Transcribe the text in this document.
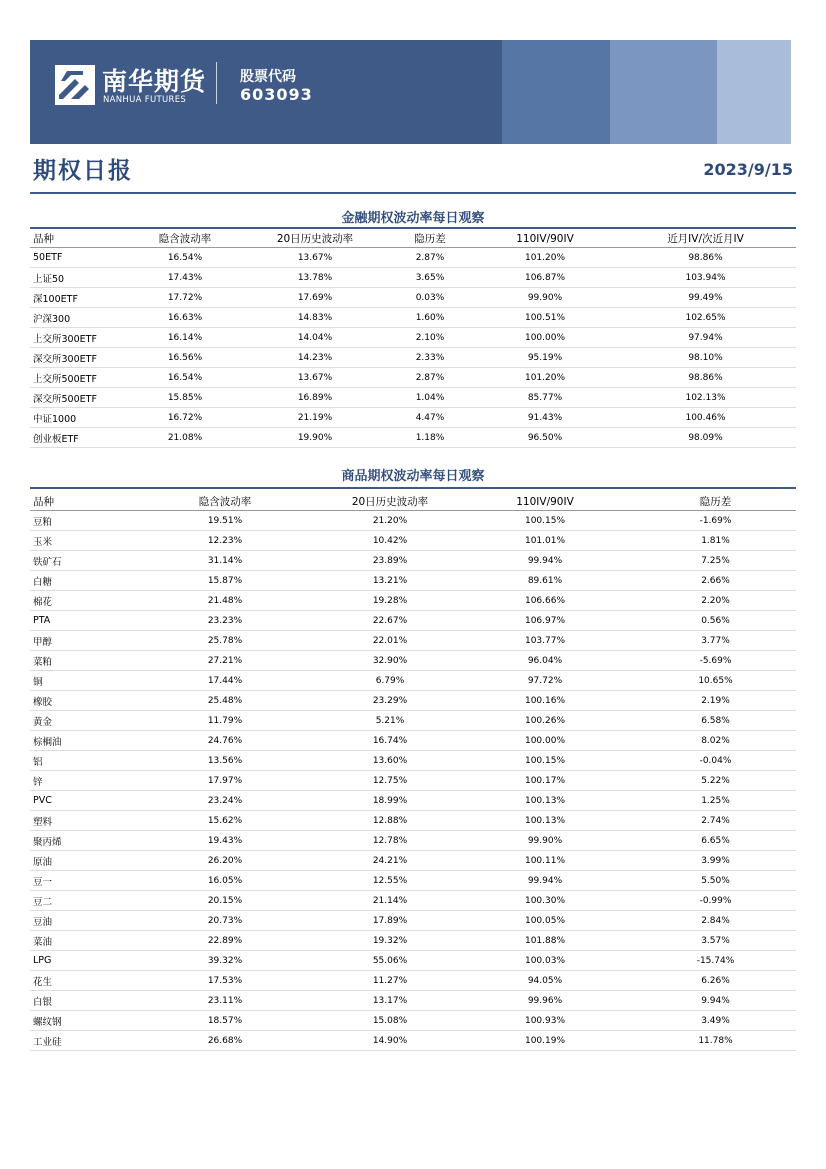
南华期货
NANHUA FUTURES
股票代码
603093
期权日报	2023/9/15
金融期权波动率每日观察
品种	隐含波动率	20日历史波动率	隐历差	110IV/90IV	近月IV/次近月IV
50ETF	16.54%	13.67%	2.87%	101.20%	98.86%
上证50	17.43%	13.78%	3.65%	106.87%	103.94%
深100ETF	17.72%	17.69%	0.03%	99.90%	99.49%
沪深300	16.63%	14.83%	1.60%	100.51%	102.65%
上交所300ETF	16.14%	14.04%	2.10%	100.00%	97.94%
深交所300ETF	16.56%	14.23%	2.33%	95.19%	98.10%
上交所500ETF	16.54%	13.67%	2.87%	101.20%	98.86%
深交所500ETF	15.85%	16.89%	1.04%	85.77%	102.13%
中证1000	16.72%	21.19%	4.47%	91.43%	100.46%
创业板ETF	21.08%	19.90%	1.18%	96.50%	98.09%
商品期权波动率每日观察
品种	隐含波动率	20日历史波动率	110IV/90IV	隐历差
豆粕	19.51%	21.20%	100.15%	-1.69%
玉米	12.23%	10.42%	101.01%	1.81%
铁矿石	31.14%	23.89%	99.94%	7.25%
白糖	15.87%	13.21%	89.61%	2.66%
棉花	21.48%	19.28%	106.66%	2.20%
PTA	23.23%	22.67%	106.97%	0.56%
甲醇	25.78%	22.01%	103.77%	3.77%
菜粕	27.21%	32.90%	96.04%	-5.69%
铜	17.44%	6.79%	97.72%	10.65%
橡胶	25.48%	23.29%	100.16%	2.19%
黄金	11.79%	5.21%	100.26%	6.58%
棕榈油	24.76%	16.74%	100.00%	8.02%
铝	13.56%	13.60%	100.15%	-0.04%
锌	17.97%	12.75%	100.17%	5.22%
PVC	23.24%	18.99%	100.13%	1.25%
塑料	15.62%	12.88%	100.13%	2.74%
聚丙烯	19.43%	12.78%	99.90%	6.65%
原油	26.20%	24.21%	100.11%	3.99%
豆一	16.05%	12.55%	99.94%	5.50%
豆二	20.15%	21.14%	100.30%	-0.99%
豆油	20.73%	17.89%	100.05%	2.84%
菜油	22.89%	19.32%	101.88%	3.57%
LPG	39.32%	55.06%	100.03%	-15.74%
花生	17.53%	11.27%	94.05%	6.26%
白银	23.11%	13.17%	99.96%	9.94%
螺纹钢	18.57%	15.08%	100.93%	3.49%
工业硅	26.68%	14.90%	100.19%	11.78%
